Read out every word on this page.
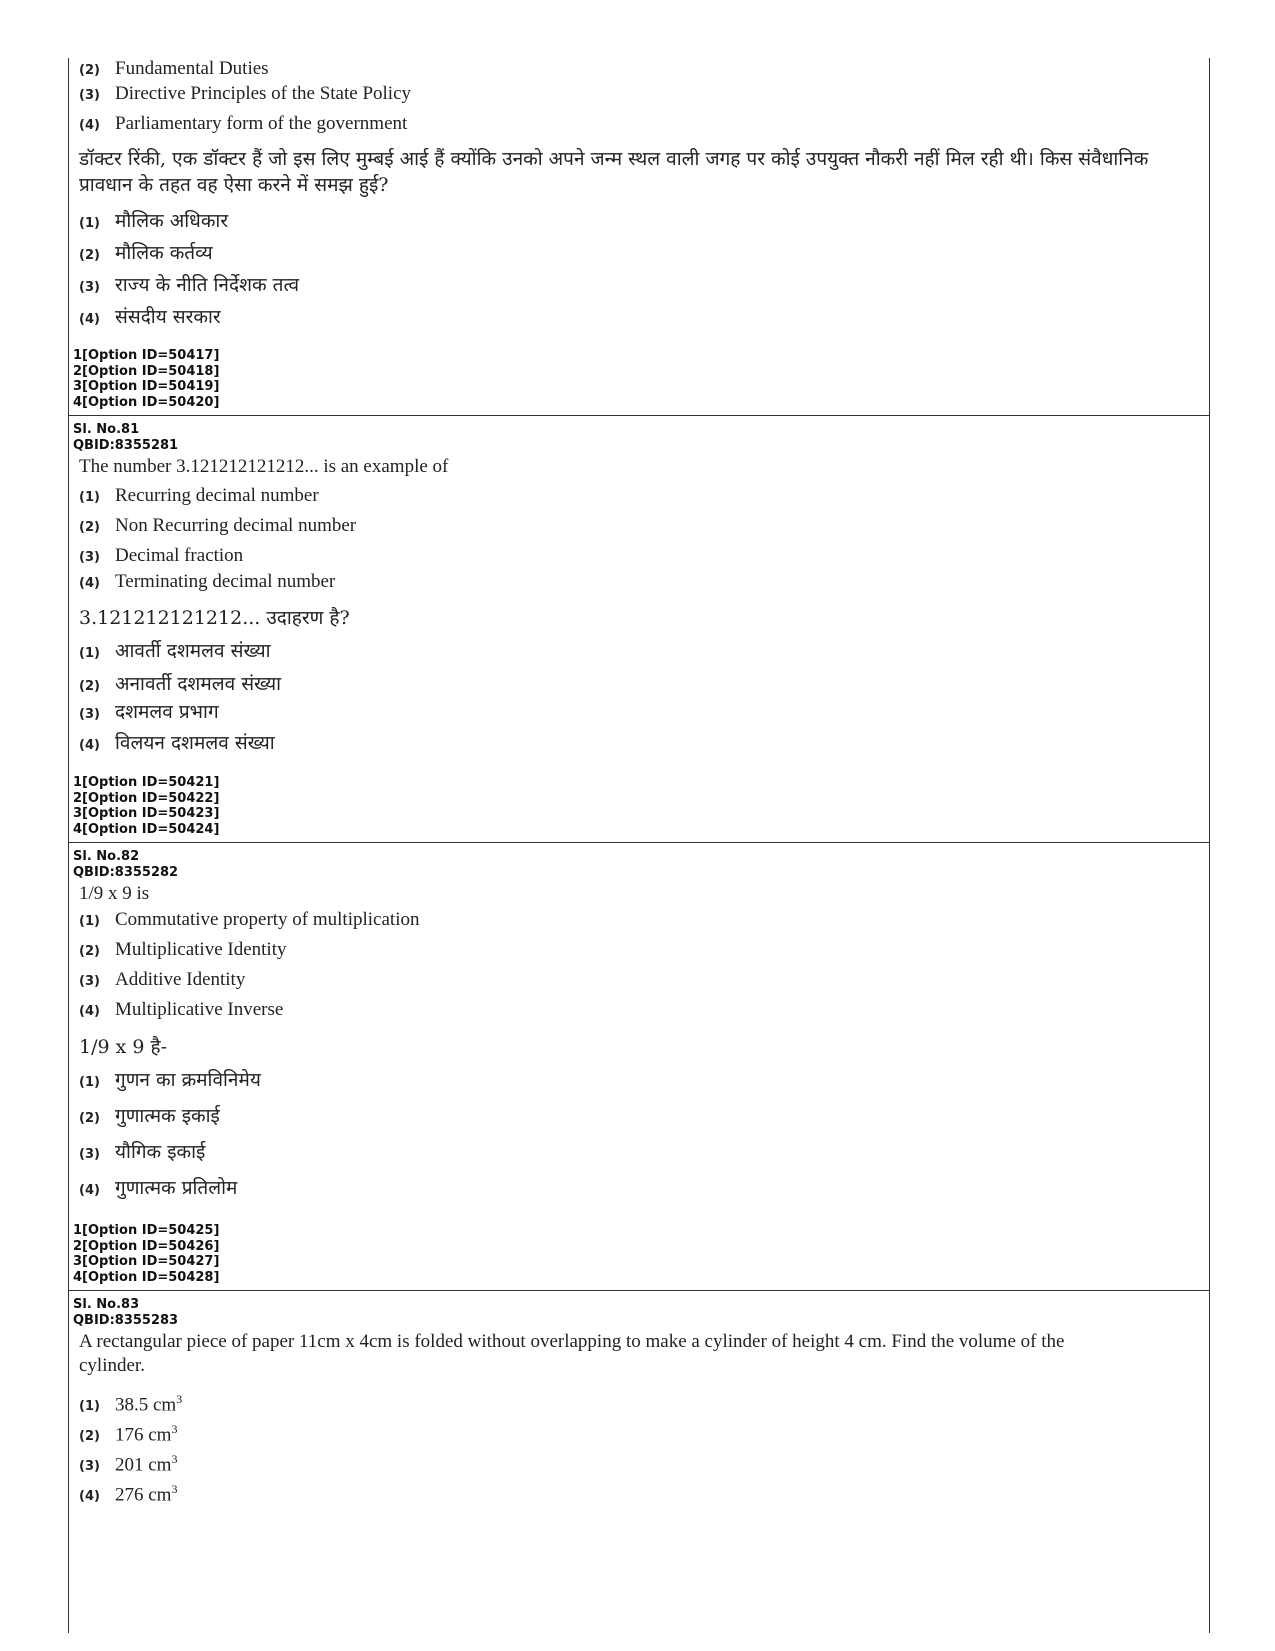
(2) Fundamental Duties
(3) Directive Principles of the State Policy
(4) Parliamentary form of the government
डॉक्टर रिंकी, एक डॉक्टर हैं जो इस लिए मुम्बई आई हैं क्योंकि उनको अपने जन्म स्थल वाली जगह पर कोई उपयुक्त नौकरी नहीं मिल रही थी। किस संवैधानिक प्रावधान के तहत वह ऐसा करने में समझ हुई?
(1) मौलिक अधिकार
(2) मौलिक कर्तव्य
(3) राज्य के नीति निर्देशक तत्व
(4) संसदीय सरकार
1[Option ID=50417]
2[Option ID=50418]
3[Option ID=50419]
4[Option ID=50420]
Sl. No.81
QBID:8355281
The number 3.121212121212... is an example of
(1) Recurring decimal number
(2) Non Recurring decimal number
(3) Decimal fraction
(4) Terminating decimal number
3.121212121212... उदाहरण है?
(1) आवर्ती दशमलव संख्या
(2) अनावर्ती दशमलव संख्या
(3) दशमलव प्रभाग
(4) विलयन दशमलव संख्या
1[Option ID=50421]
2[Option ID=50422]
3[Option ID=50423]
4[Option ID=50424]
Sl. No.82
QBID:8355282
1/9 x 9 is
(1) Commutative property of multiplication
(2) Multiplicative Identity
(3) Additive Identity
(4) Multiplicative Inverse
1/9 x 9 है-
(1) गुणन का क्रमविनिमेय
(2) गुणात्मक इकाई
(3) यौगिक इकाई
(4) गुणात्मक प्रतिलोम
1[Option ID=50425]
2[Option ID=50426]
3[Option ID=50427]
4[Option ID=50428]
Sl. No.83
QBID:8355283
A rectangular piece of paper 11cm x 4cm is folded without overlapping to make a cylinder of height 4 cm. Find the volume of the cylinder.
(1) 38.5 $cm^3$
(2) 176 $cm^3$
(3) 201 $cm^3$
(4) 276 $cm^3$
